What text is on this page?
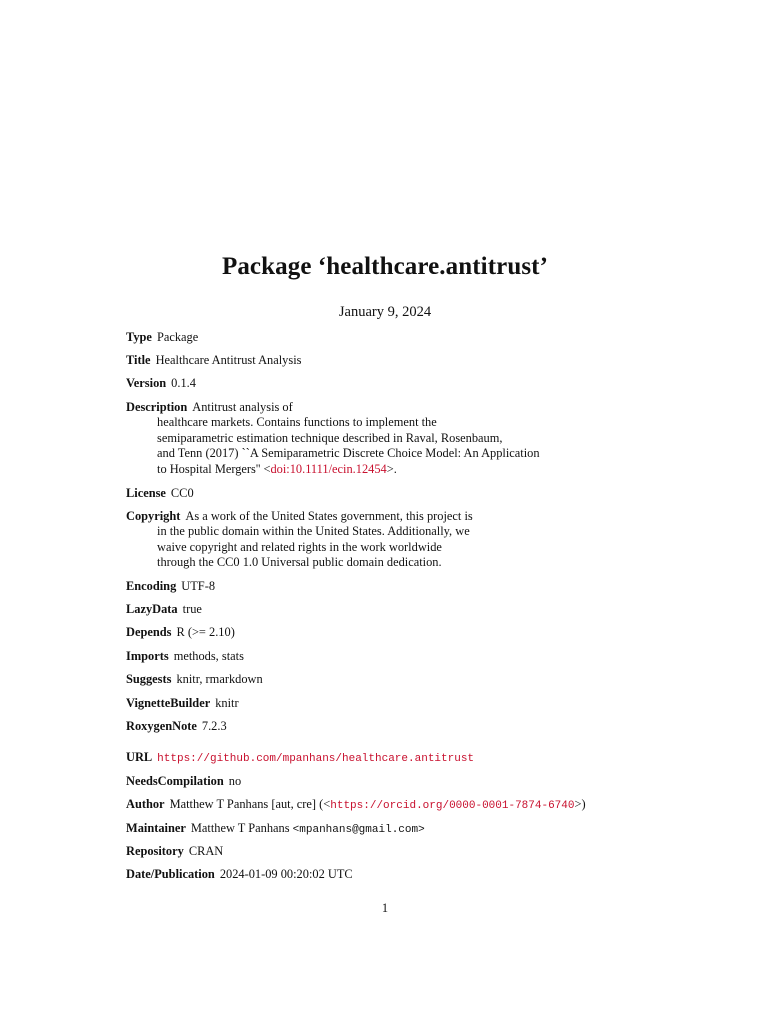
Package ‘healthcare.antitrust’
January 9, 2024
Type Package
Title Healthcare Antitrust Analysis
Version 0.1.4
Description Antitrust analysis of
healthcare markets. Contains functions to implement the
semiparametric estimation technique described in Raval, Rosenbaum,
and Tenn (2017) ``A Semiparametric Discrete Choice Model: An Application
to Hospital Mergers'' <doi:10.1111/ecin.12454>.
License CC0
Copyright As a work of the United States government, this project is
in the public domain within the United States. Additionally, we
waive copyright and related rights in the work worldwide
through the CC0 1.0 Universal public domain dedication.
Encoding UTF-8
LazyData true
Depends R (>= 2.10)
Imports methods, stats
Suggests knitr, rmarkdown
VignetteBuilder knitr
RoxygenNote 7.2.3
URL https://github.com/mpanhans/healthcare.antitrust
NeedsCompilation no
Author Matthew T Panhans [aut, cre] (<https://orcid.org/0000-0001-7874-6740>)
Maintainer Matthew T Panhans <mpanhans@gmail.com>
Repository CRAN
Date/Publication 2024-01-09 00:20:02 UTC
1
